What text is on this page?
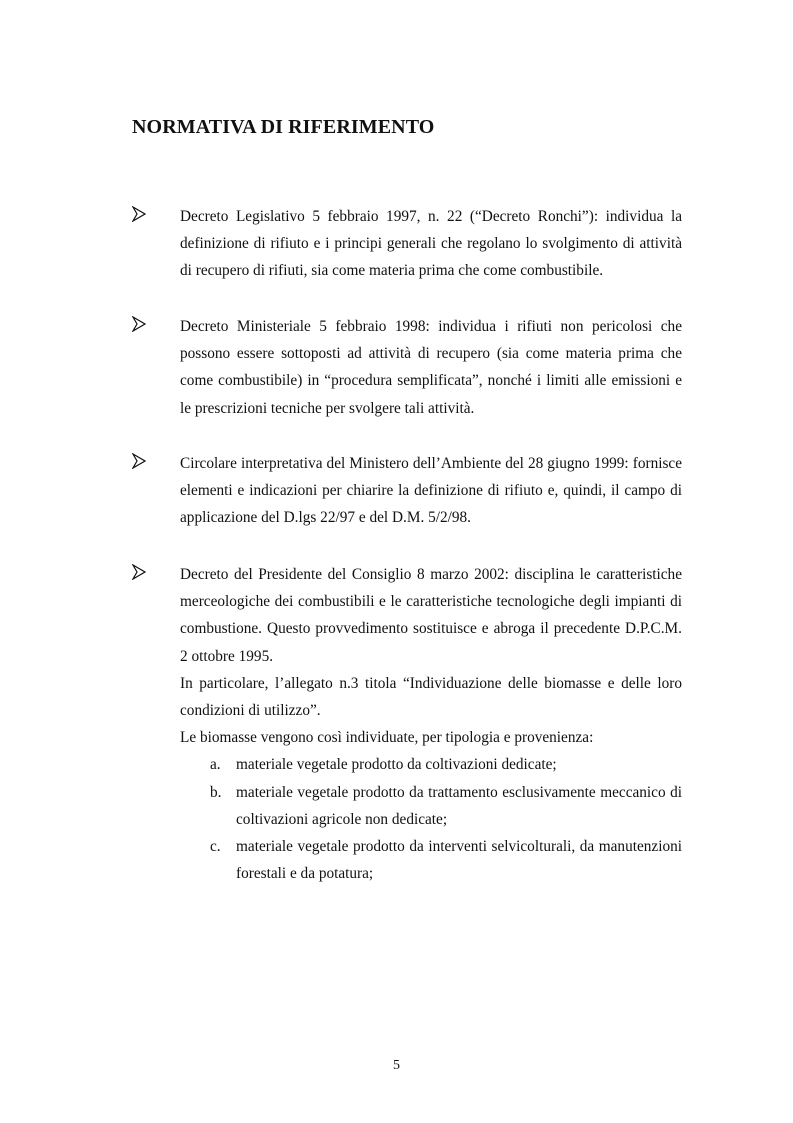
NORMATIVA DI RIFERIMENTO
Decreto Legislativo 5 febbraio 1997, n. 22 (“Decreto Ronchi”): individua la definizione di rifiuto e i principi generali che regolano lo svolgimento di attività di recupero di rifiuti, sia come materia prima che come combustibile.
Decreto Ministeriale 5 febbraio 1998: individua i rifiuti non pericolosi che possono essere sottoposti ad attività di recupero (sia come materia prima che come combustibile) in “procedura semplificata”, nonché i limiti alle emissioni e le prescrizioni tecniche per svolgere tali attività.
Circolare interpretativa del Ministero dell’Ambiente del 28 giugno 1999: fornisce elementi e indicazioni per chiarire la definizione di rifiuto e, quindi, il campo di applicazione del D.lgs 22/97 e del D.M. 5/2/98.
Decreto del Presidente del Consiglio 8 marzo 2002: disciplina le caratteristiche merceologiche dei combustibili e le caratteristiche tecnologiche degli impianti di combustione. Questo provvedimento sostituisce e abroga il precedente D.P.C.M. 2 ottobre 1995.
In particolare, l’allegato n.3 titola “Individuazione delle biomasse e delle loro condizioni di utilizzo”.
Le biomasse vengono così individuate, per tipologia e provenienza:
a. materiale vegetale prodotto da coltivazioni dedicate;
b. materiale vegetale prodotto da trattamento esclusivamente meccanico di coltivazioni agricole non dedicate;
c. materiale vegetale prodotto da interventi selvicolturali, da manutenzioni forestali e da potatura;
5
